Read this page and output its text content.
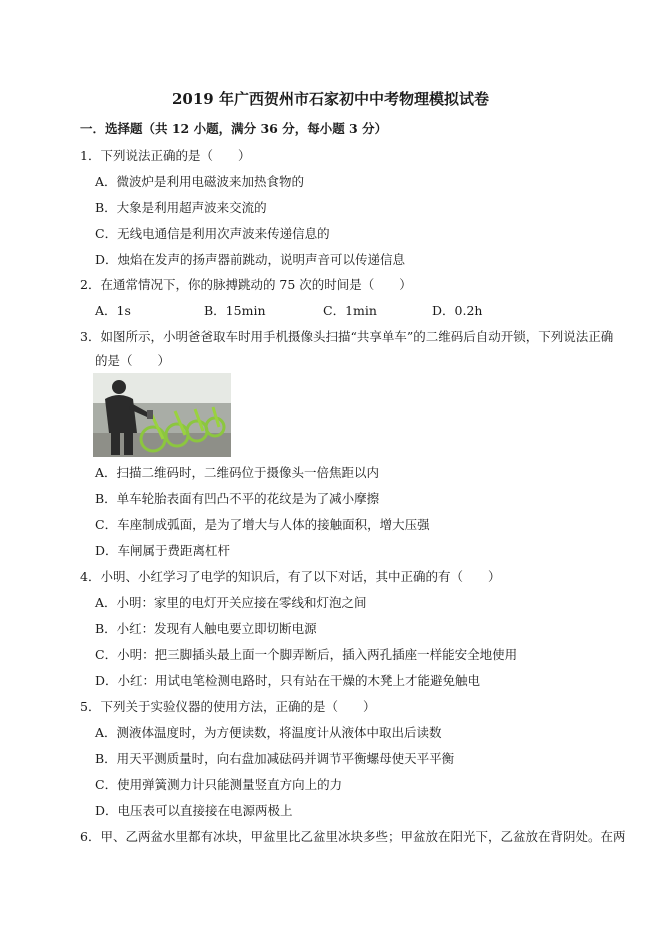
2019 年广西贺州市石家初中中考物理模拟试卷
一．选择题（共 12 小题，满分 36 分，每小题 3 分）
1．下列说法正确的是（　　）
A．微波炉是利用电磁波来加热食物的
B．大象是利用超声波来交流的
C．无线电通信是利用次声波来传递信息的
D．烛焰在发声的扬声器前跳动，说明声音可以传递信息
2．在通常情况下，你的脉搏跳动的 75 次的时间是（　　）
A．1s	B．15min	C．1min	D．0.2h
3．如图所示，小明爸爸取车时用手机摄像头扫描“共享单车”的二维码后自动开锁，下列说法正确
的是（　　）
A．扫描二维码时，二维码位于摄像头一倍焦距以内
B．单车轮胎表面有凹凸不平的花纹是为了减小摩擦
C．车座制成弧面，是为了增大与人体的接触面积，增大压强
D．车闸属于费距离杠杆
4．小明、小红学习了电学的知识后，有了以下对话，其中正确的有（　　）
A．小明：家里的电灯开关应接在零线和灯泡之间
B．小红：发现有人触电要立即切断电源
C．小明：把三脚插头最上面一个脚弄断后，插入两孔插座一样能安全地使用
D．小红：用试电笔检测电路时，只有站在干燥的木凳上才能避免触电
5．下列关于实验仪器的使用方法，正确的是（　　）
A．测液体温度时，为方便读数，将温度计从液体中取出后读数
B．用天平测质量时，向右盘加减砝码并调节平衡螺母使天平平衡
C．使用弹簧测力计只能测量竖直方向上的力
D．电压表可以直接接在电源两极上
6．甲、乙两盆水里都有冰块，甲盆里比乙盆里冰块多些；甲盆放在阳光下，乙盆放在背阴处。在两
